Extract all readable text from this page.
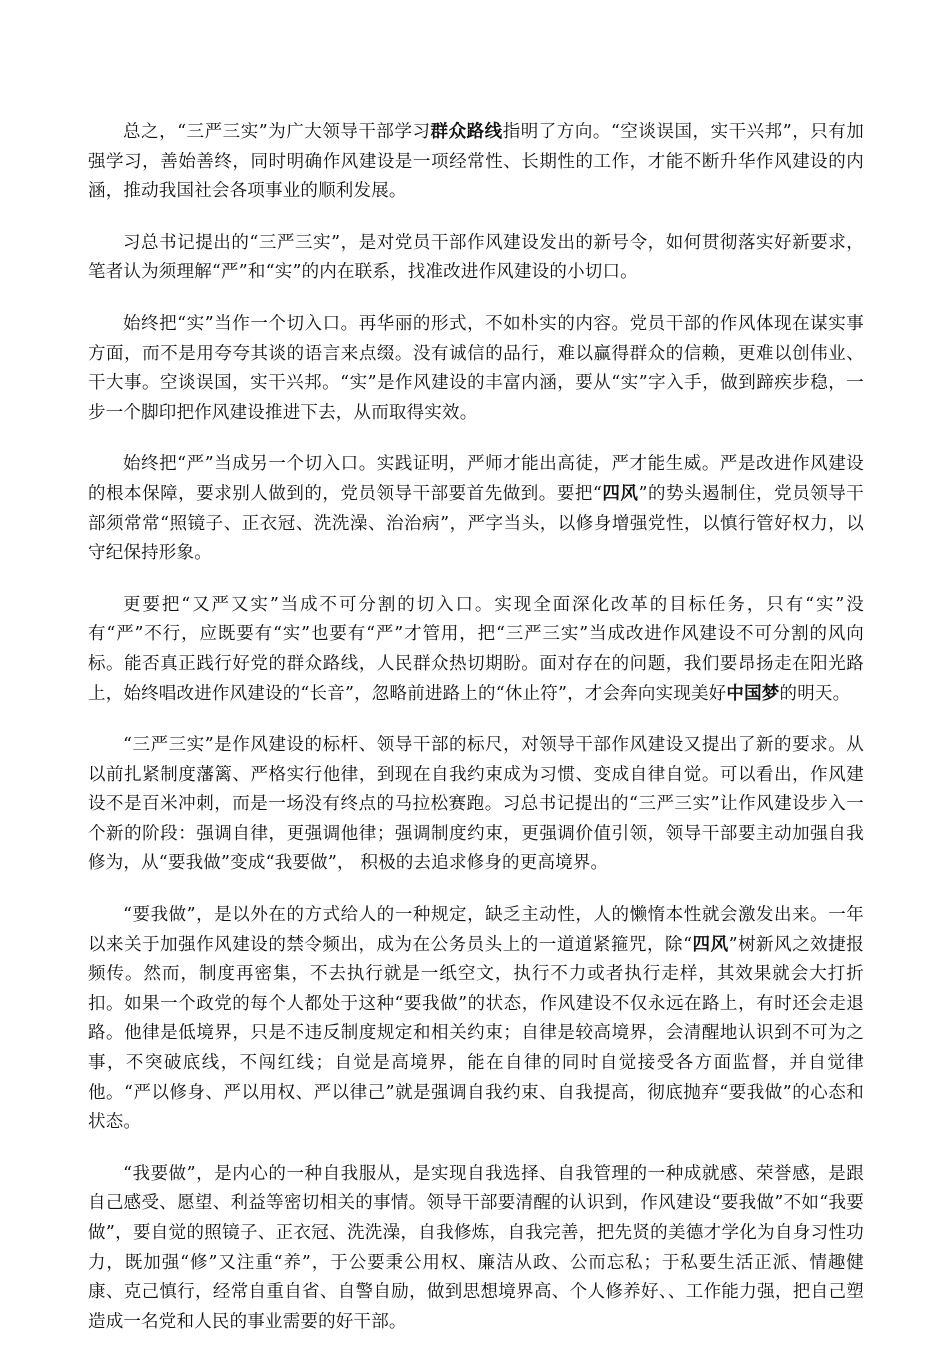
总之，“三严三实”为广大领导干部学习群众路线指明了方向。“空谈误国，实干兴邦”，只有加强学习，善始善终，同时明确作风建设是一项经常性、长期性的工作，才能不断升华作风建设的内涵，推动我国社会各项事业的顺利发展。

习总书记提出的“三严三实”，是对党员干部作风建设发出的新号令，如何贯彻落实好新要求，笔者认为须理解“严”和“实”的内在联系，找准改进作风建设的小切口。

始终把“实”当作一个切入口。再华丽的形式，不如朴实的内容。党员干部的作风体现在谋实事方面，而不是用夸夸其谈的语言来点缀。没有诚信的品行，难以赢得群众的信赖，更难以创伟业、干大事。空谈误国，实干兴邦。“实”是作风建设的丰富内涵，要从“实”字入手，做到蹄疾步稳，一步一个脚印把作风建设推进下去，从而取得实效。

始终把“严”当成另一个切入口。实践证明，严师才能出高徒，严才能生威。严是改进作风建设的根本保障，要求别人做到的，党员领导干部要首先做到。要把“四风”的势头遏制住，党员领导干部须常常“照镜子、正衣冠、洗洗澡、治治病”，严字当头，以修身增强党性，以慎行管好权力，以守纪保持形象。

更要把“又严又实”当成不可分割的切入口。实现全面深化改革的目标任务，只有“实”没有“严”不行，应既要有“实”也要有“严”才管用，把“三严三实”当成改进作风建设不可分割的风向标。能否真正践行好党的群众路线，人民群众热切期盼。面对存在的问题，我们要昂扬走在阳光路上，始终唱改进作风建设的“长音”，忽略前进路上的“休止符”，才会奔向实现美好中国梦的明天。

“三严三实”是作风建设的标杆、领导干部的标尺，对领导干部作风建设又提出了新的要求。从以前扎紧制度藩篱、严格实行他律，到现在自我约束成为习惯、变成自律自觉。可以看出，作风建设不是百米冲刺，而是一场没有终点的马拉松赛跑。习总书记提出的“三严三实”让作风建设步入一个新的阶段：强调自律，更强调他律；强调制度约束，更强调价值引领，领导干部要主动加强自我修为，从“要我做”变成“我要做”， 积极的去追求修身的更高境界。

“要我做”，是以外在的方式给人的一种规定，缺乏主动性，人的懒惰本性就会激发出来。一年以来关于加强作风建设的禁令频出，成为在公务员头上的一道道紧箍咒，除“四风”树新风之效捷报频传。然而，制度再密集，不去执行就是一纸空文，执行不力或者执行走样，其效果就会大打折扣。如果一个政党的每个人都处于这种“要我做”的状态，作风建设不仅永远在路上，有时还会走退路。他律是低境界，只是不违反制度规定和相关约束；自律是较高境界，会清醒地认识到不可为之事，不突破底线，不闯红线；自觉是高境界，能在自律的同时自觉接受各方面监督，并自觉律他。“严以修身、严以用权、严以律己”就是强调自我约束、自我提高，彻底抛弃“要我做”的心态和状态。

“我要做”，是内心的一种自我服从，是实现自我选择、自我管理的一种成就感、荣誉感，是跟自己感受、愿望、利益等密切相关的事情。领导干部要清醒的认识到，作风建设“要我做”不如“我要做”，要自觉的照镜子、正衣冠、洗洗澡，自我修炼，自我完善，把先贤的美德才学化为自身习性功力，既加强“修”又注重“养”，于公要秉公用权、廉洁从政、公而忘私；于私要生活正派、情趣健康、克己慎行，经常自重自省、自警自励，做到思想境界高、个人修养好、、工作能力强，把自己塑造成一名党和人民的事业需要的好干部。
